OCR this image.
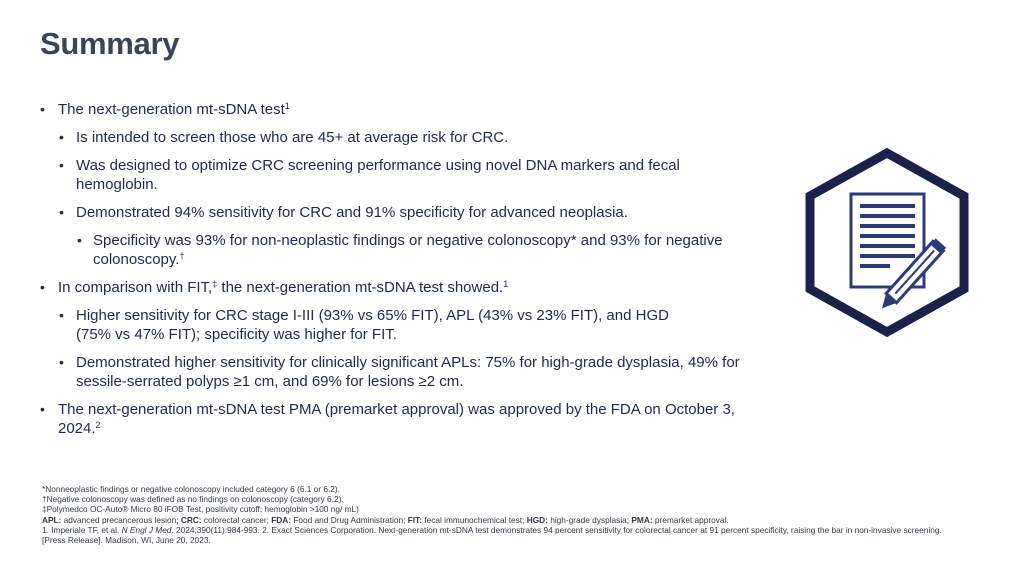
Summary
• The next-generation mt-sDNA test$^1$
• Is intended to screen those who are 45+ at average risk for CRC.
• Was designed to optimize CRC screening performance using novel DNA markers and fecal hemoglobin.
• Demonstrated 94% sensitivity for CRC and 91% specificity for advanced neoplasia.
• Specificity was 93% for non-neoplastic findings or negative colonoscopy* and 93% for negative colonoscopy.†
• In comparison with FIT,‡ the next-generation mt-sDNA test showed.$^1$
• Higher sensitivity for CRC stage I-III (93% vs 65% FIT), APL (43% vs 23% FIT), and HGD
(75% vs 47% FIT); specificity was higher for FIT.
• Demonstrated higher sensitivity for clinically significant APLs: 75% for high-grade dysplasia, 49% for sessile-serrated polyps ≥1 cm, and 69% for lesions ≥2 cm.
• The next-generation mt-sDNA test PMA (premarket approval) was approved by the FDA on October 3, 2024.$^2$
*Nonneoplastic findings or negative colonoscopy included category 6 (6.1 or 6.2).
†Negative colonoscopy was defined as no findings on colonoscopy (category 6.2).
‡Polymedco OC-Auto® Micro 80 iFOB Test, positivity cutoff: hemoglobin >100 ng/ mL)
APL: advanced precancerous lesion; CRC: colorectal cancer; FDA: Food and Drug Administration; FIT: fecal immunochemical test; HGD: high-grade dysplasia; PMA: premarket approval.
1. Imperiale TF, et al. N Engl J Med. 2024;390(11):984-993. 2. Exact Sciences Corporation. Next-generation mt-sDNA test demonstrates 94 percent sensitivity for colorectal cancer at 91 percent specificity, raising the bar in non-invasive screening.
[Press Release]. Madison, WI, June 20, 2023.
